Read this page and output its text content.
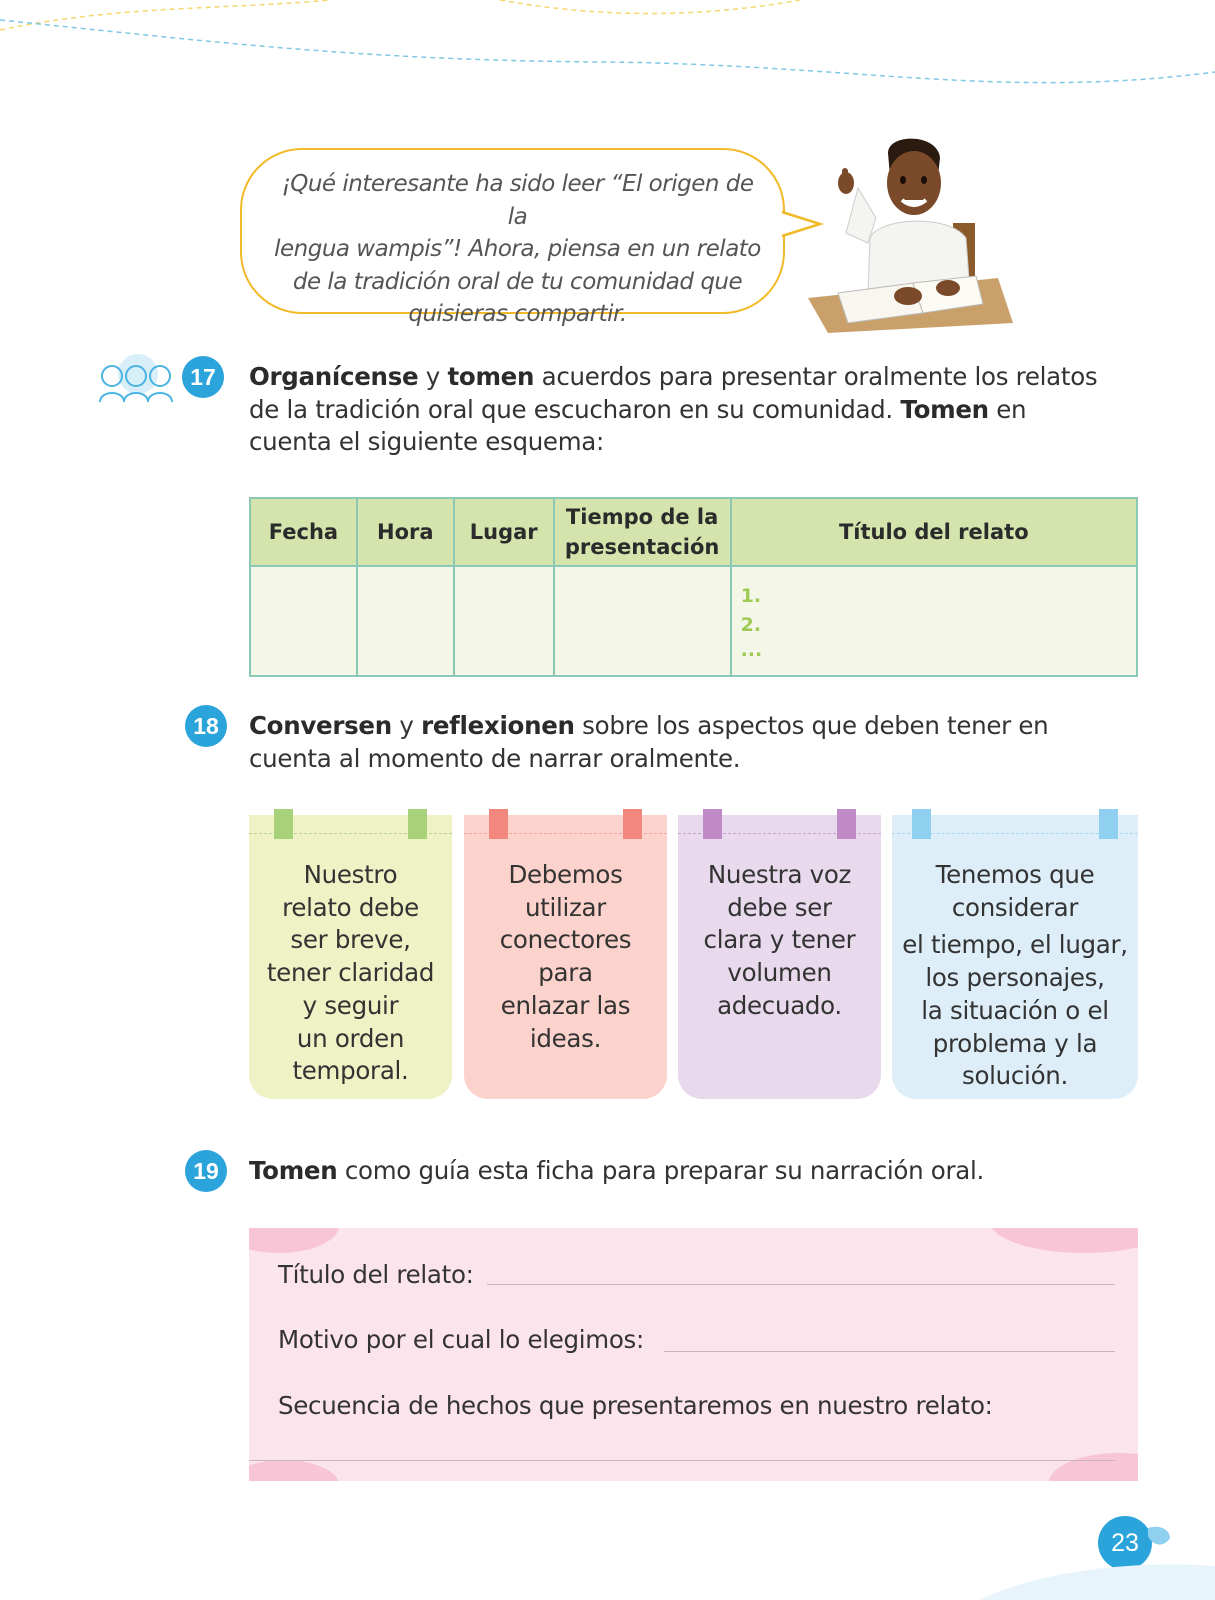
¡Qué interesante ha sido leer “El origen de la
lengua wampis”! Ahora, piensa en un relato
de la tradición oral de tu comunidad que
quisieras compartir.
17	Organícense y tomen acuerdos para presentar oralmente los relatos
de la tradición oral que escucharon en su comunidad. Tomen en
cuenta el siguiente esquema:
Fecha	Hora	Lugar	Tiempo de la presentación	Título del relato

				1.
2.
...
18	Conversen y reflexionen sobre los aspectos que deben tener en
cuenta al momento de narrar oralmente.
Nuestro
relato debe
ser breve,
tener claridad
y seguir
un orden
temporal.
Debemos
utilizar
conectores
para
enlazar las
ideas.
Nuestra voz
debe ser
clara y tener
volumen
adecuado.
Tenemos que
considerar
el tiempo, el lugar,
los personajes,
la situación o el
problema y la
solución.
19	Tomen como guía esta ficha para preparar su narración oral.
Título del relato:
Motivo por el cual lo elegimos:
Secuencia de hechos que presentaremos en nuestro relato:
23
